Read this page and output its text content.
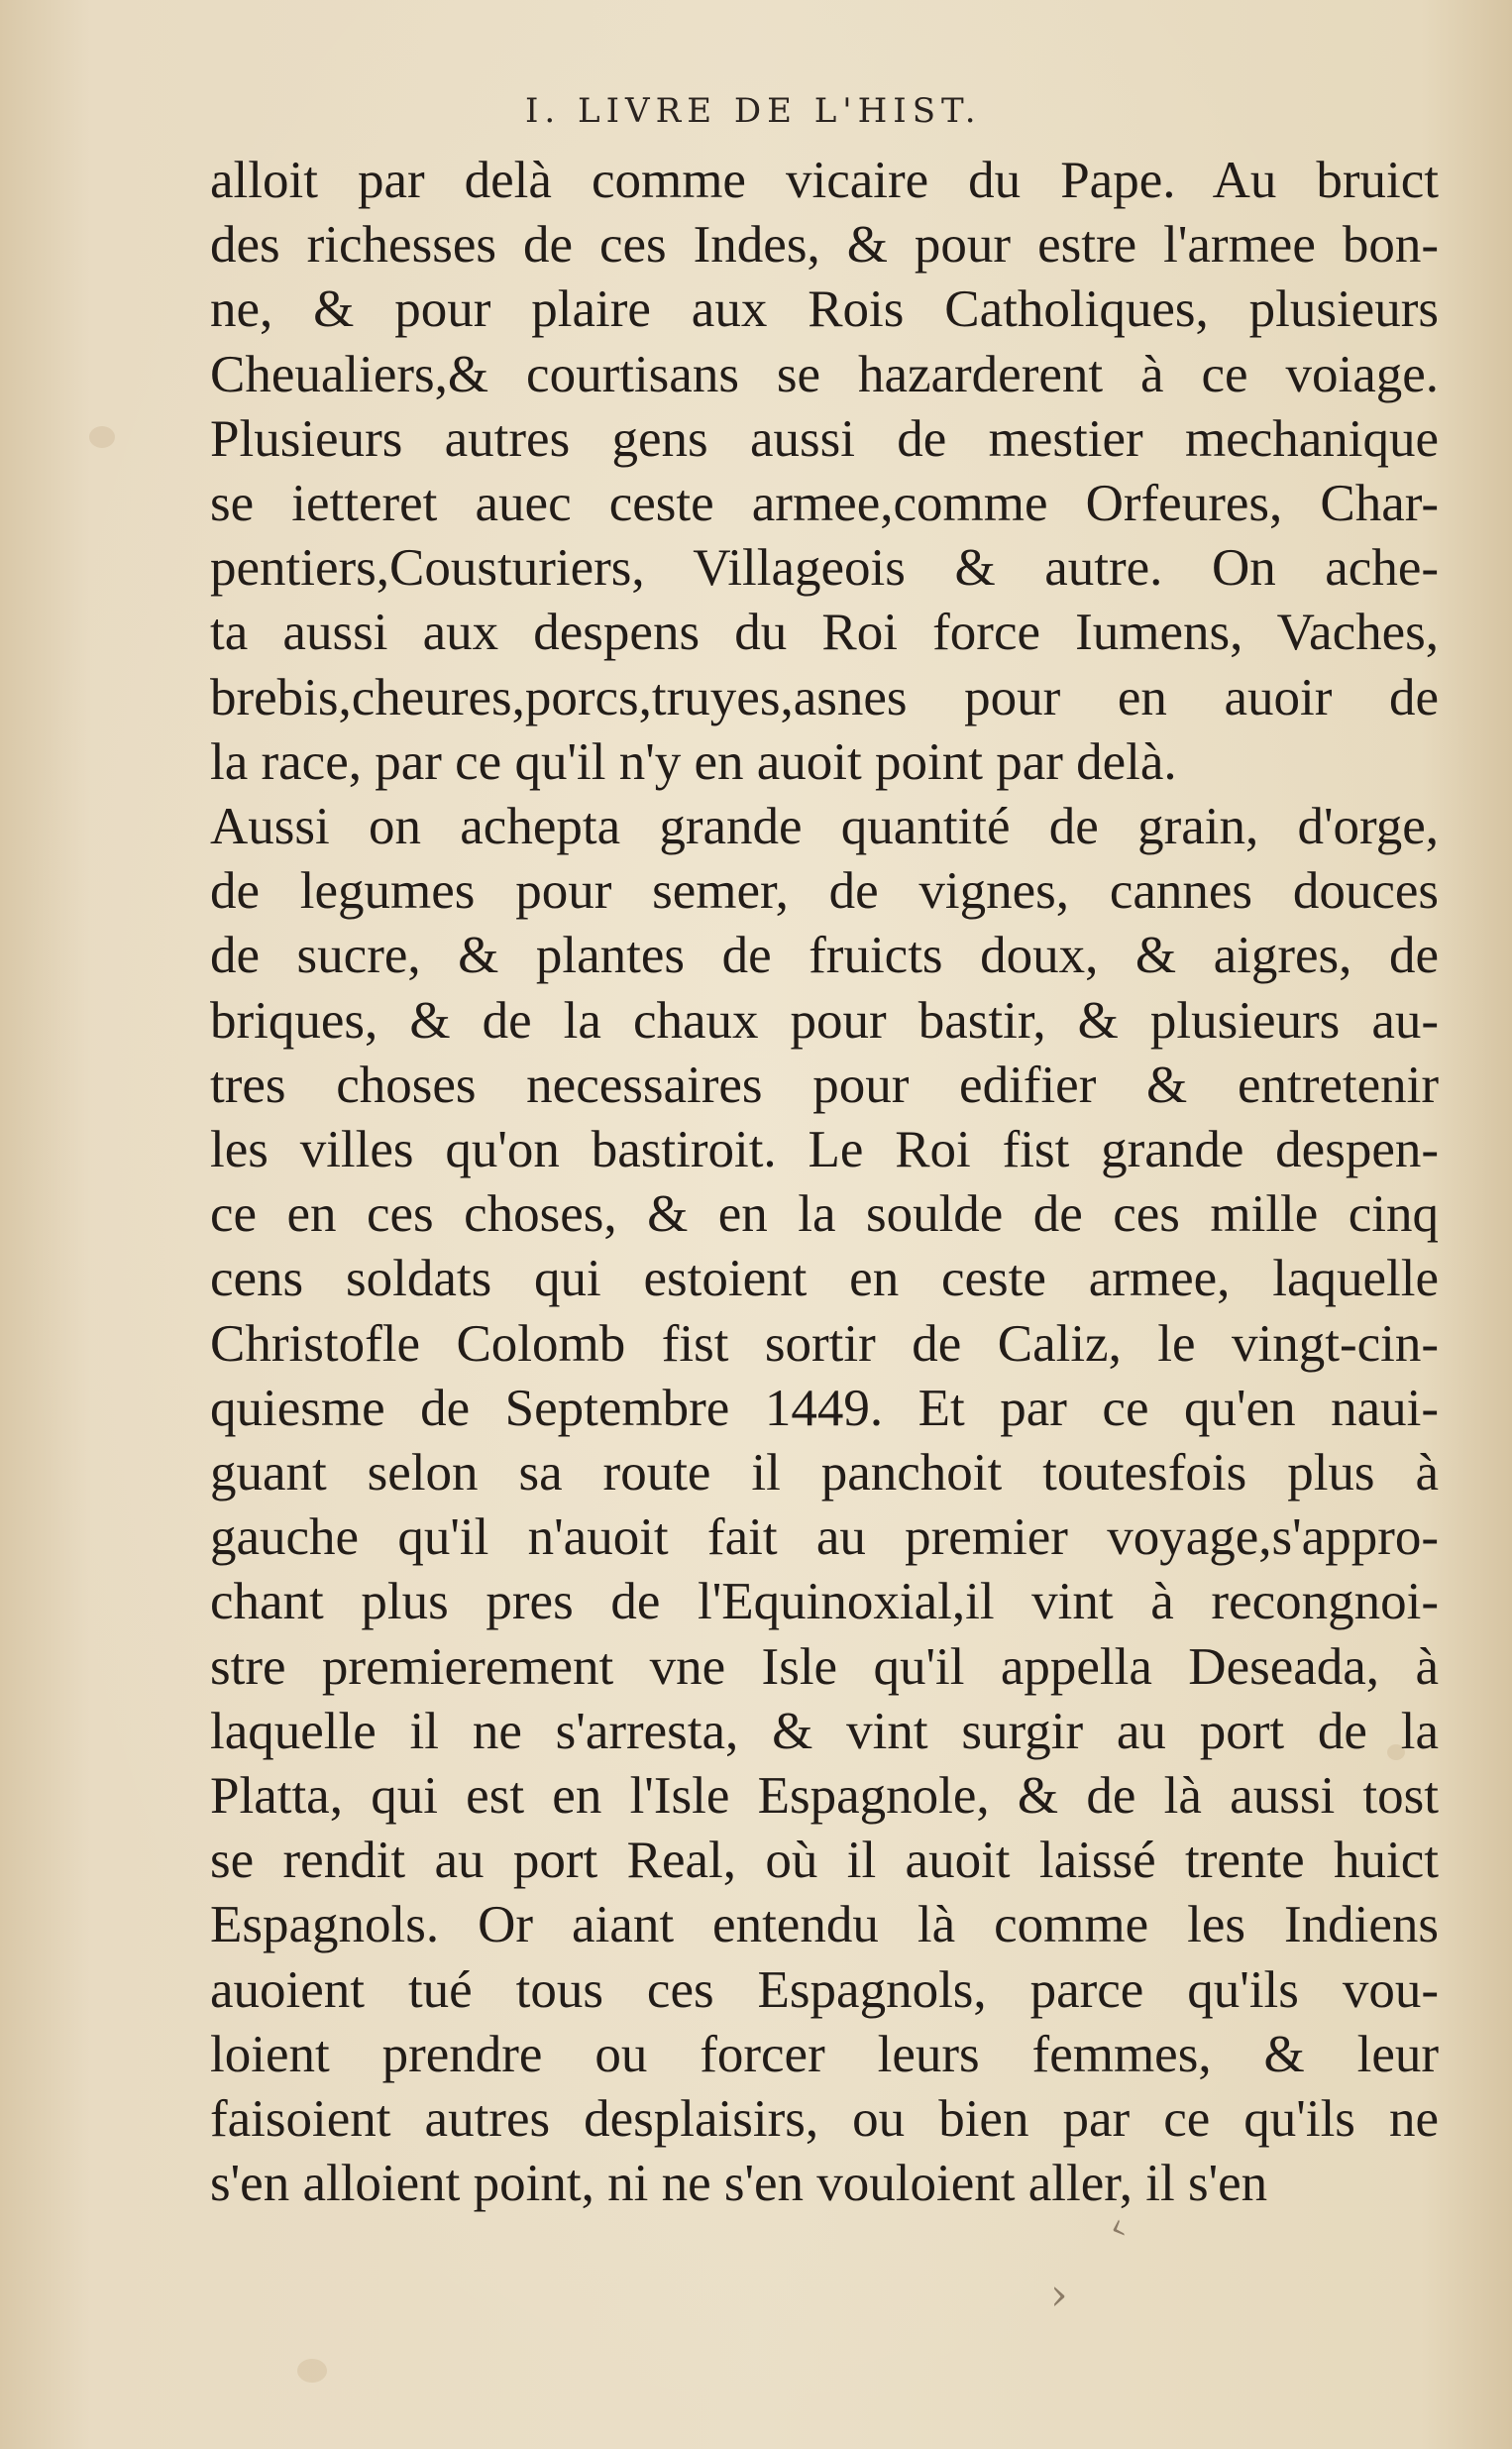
I. LIVRE DE L'HIST.
alloit par delà comme vicaire du Pape. Au bruict
des richesses de ces Indes, & pour estre l'armee bon-
ne, & pour plaire aux Rois Catholiques, plusieurs
Cheualiers,& courtisans se hazarderent à ce voiage.
Plusieurs autres gens aussi de mestier mechanique
se ietteret auec ceste armee,comme Orfeures, Char-
pentiers,Cousturiers, Villageois & autre. On ache-
ta aussi aux despens du Roi force Iumens, Vaches,
brebis,cheures,porcs,truyes,asnes pour en auoir de
la race, par ce qu'il n'y en auoit point par delà.
Aussi on achepta grande quantité de grain, d'orge,
de legumes pour semer, de vignes, cannes douces
de sucre, & plantes de fruicts doux, & aigres, de
briques, & de la chaux pour bastir, & plusieurs au-
tres choses necessaires pour edifier & entretenir
les villes qu'on bastiroit. Le Roi fist grande despen-
ce en ces choses, & en la soulde de ces mille cinq
cens soldats qui estoient en ceste armee, laquelle
Christofle Colomb fist sortir de Caliz, le vingt-cin-
quiesme de Septembre 1449. Et par ce qu'en naui-
guant selon sa route il panchoit toutesfois plus à
gauche qu'il n'auoit fait au premier voyage,s'appro-
chant plus pres de l'Equinoxial,il vint à recongnoi-
stre premierement vne Isle qu'il appella Deseada, à
laquelle il ne s'arresta, & vint surgir au port de la
Platta, qui est en l'Isle Espagnole, & de là aussi tost
se rendit au port Real, où il auoit laissé trente huict
Espagnols. Or aiant entendu là comme les Indiens
auoient tué tous ces Espagnols, parce qu'ils vou-
loient prendre ou forcer leurs femmes, & leur
faisoient autres desplaisirs, ou bien par ce qu'ils ne
s'en alloient point, ni ne s'en vouloient aller, il s'en
‹
›
